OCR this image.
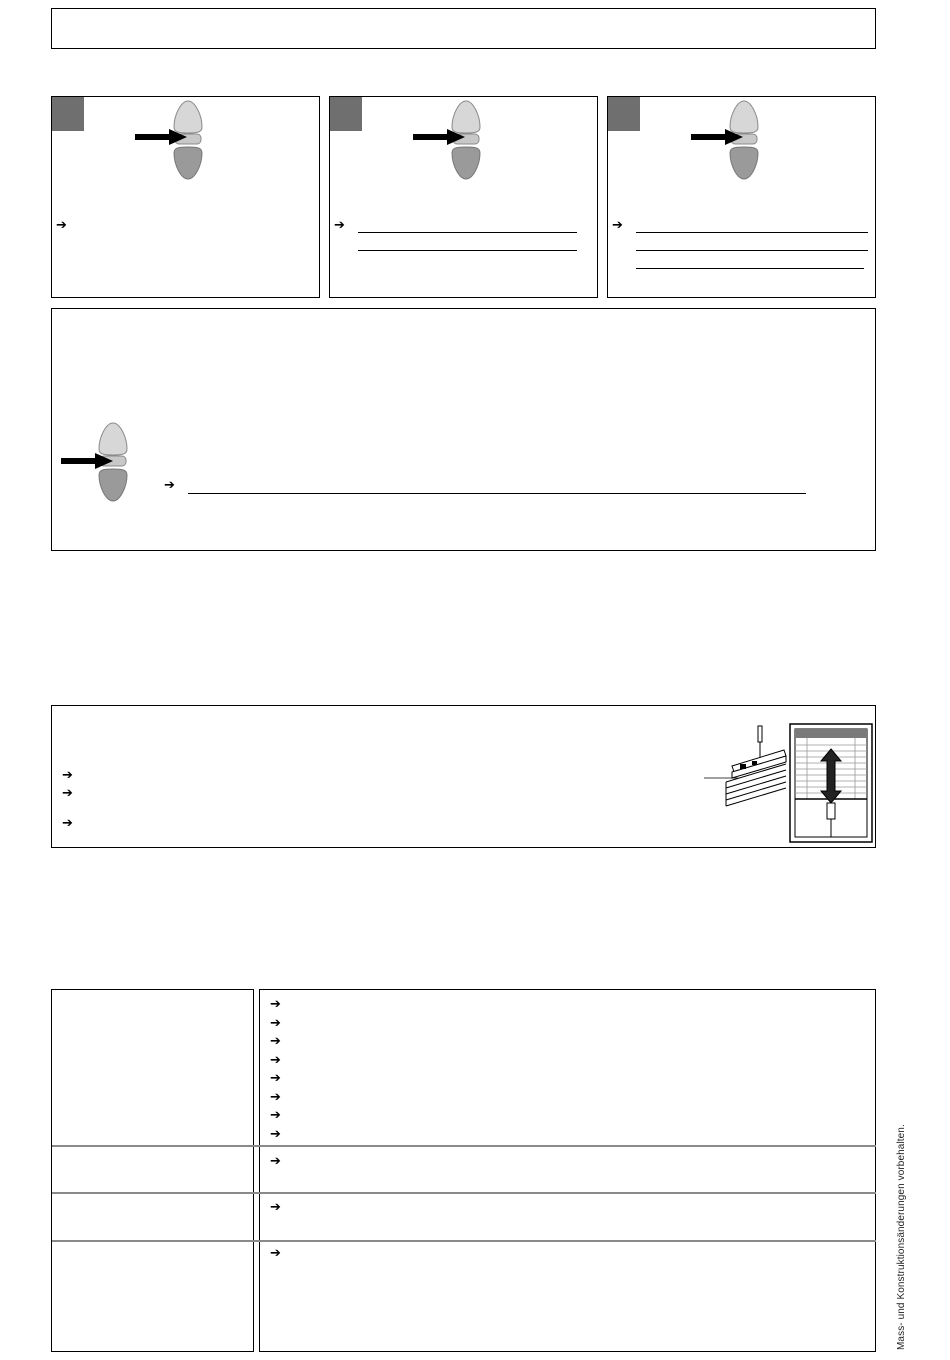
➔	➔	➔
➔
➔
➔
➔
➔
➔
➔
➔
➔
➔
➔
➔
➔
➔
➔	Mass- und Konstruktionsänderungen vorbehalten.
